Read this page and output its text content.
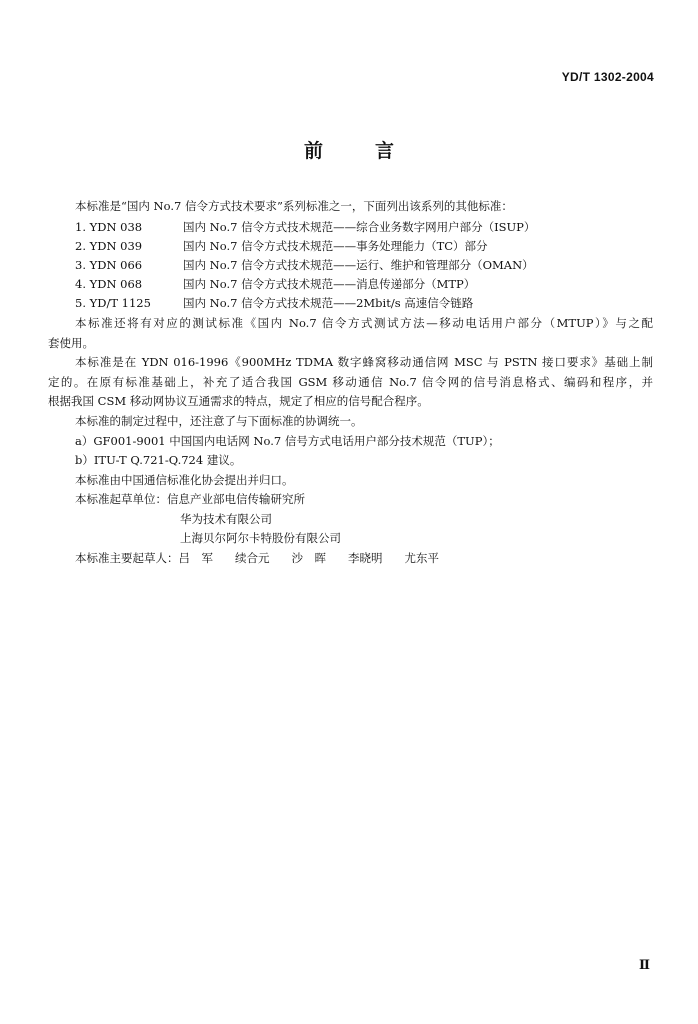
YD/T 1302-2004
前言
本标准是“国内 No.7 信令方式技术要求”系列标准之一，下面列出该系列的其他标准：
1. YDN 038	国内 No.7 信令方式技术规范——综合业务数字网用户部分（ISUP）
2. YDN 039	国内 No.7 信令方式技术规范——事务处理能力（TC）部分
3. YDN 066	国内 No.7 信令方式技术规范——运行、维护和管理部分（OMAN）
4. YDN 068	国内 No.7 信令方式技术规范——消息传递部分（MTP）
5. YD/T 1125	国内 No.7 信令方式技术规范——2Mbit/s 高速信令链路
本标准还将有对应的测试标准《国内 No.7 信令方式测试方法—移动电话用户部分（MTUP）》与之配
套使用。
本标准是在 YDN 016-1996《900MHz TDMA 数字蜂窝移动通信网 MSC 与 PSTN 接口要求》基础上制
定的。在原有标准基础上，补充了适合我国 GSM 移动通信 No.7 信令网的信号消息格式、编码和程序，并
根据我国 CSM 移动网协议互通需求的特点，规定了相应的信号配合程序。
本标准的制定过程中，还注意了与下面标准的协调统一。
a）GF001-9001 中国国内电话网 No.7 信号方式电话用户部分技术规范（TUP）；
b）ITU-T Q.721-Q.724 建议。
本标准由中国通信标准化协会提出并归口。
本标准起草单位：信息产业部电信传输研究所
华为技术有限公司
上海贝尔阿尔卡特股份有限公司
本标准主要起草人：吕　军 续合元 沙　晖 李晓明 尤东平
Ⅱ
